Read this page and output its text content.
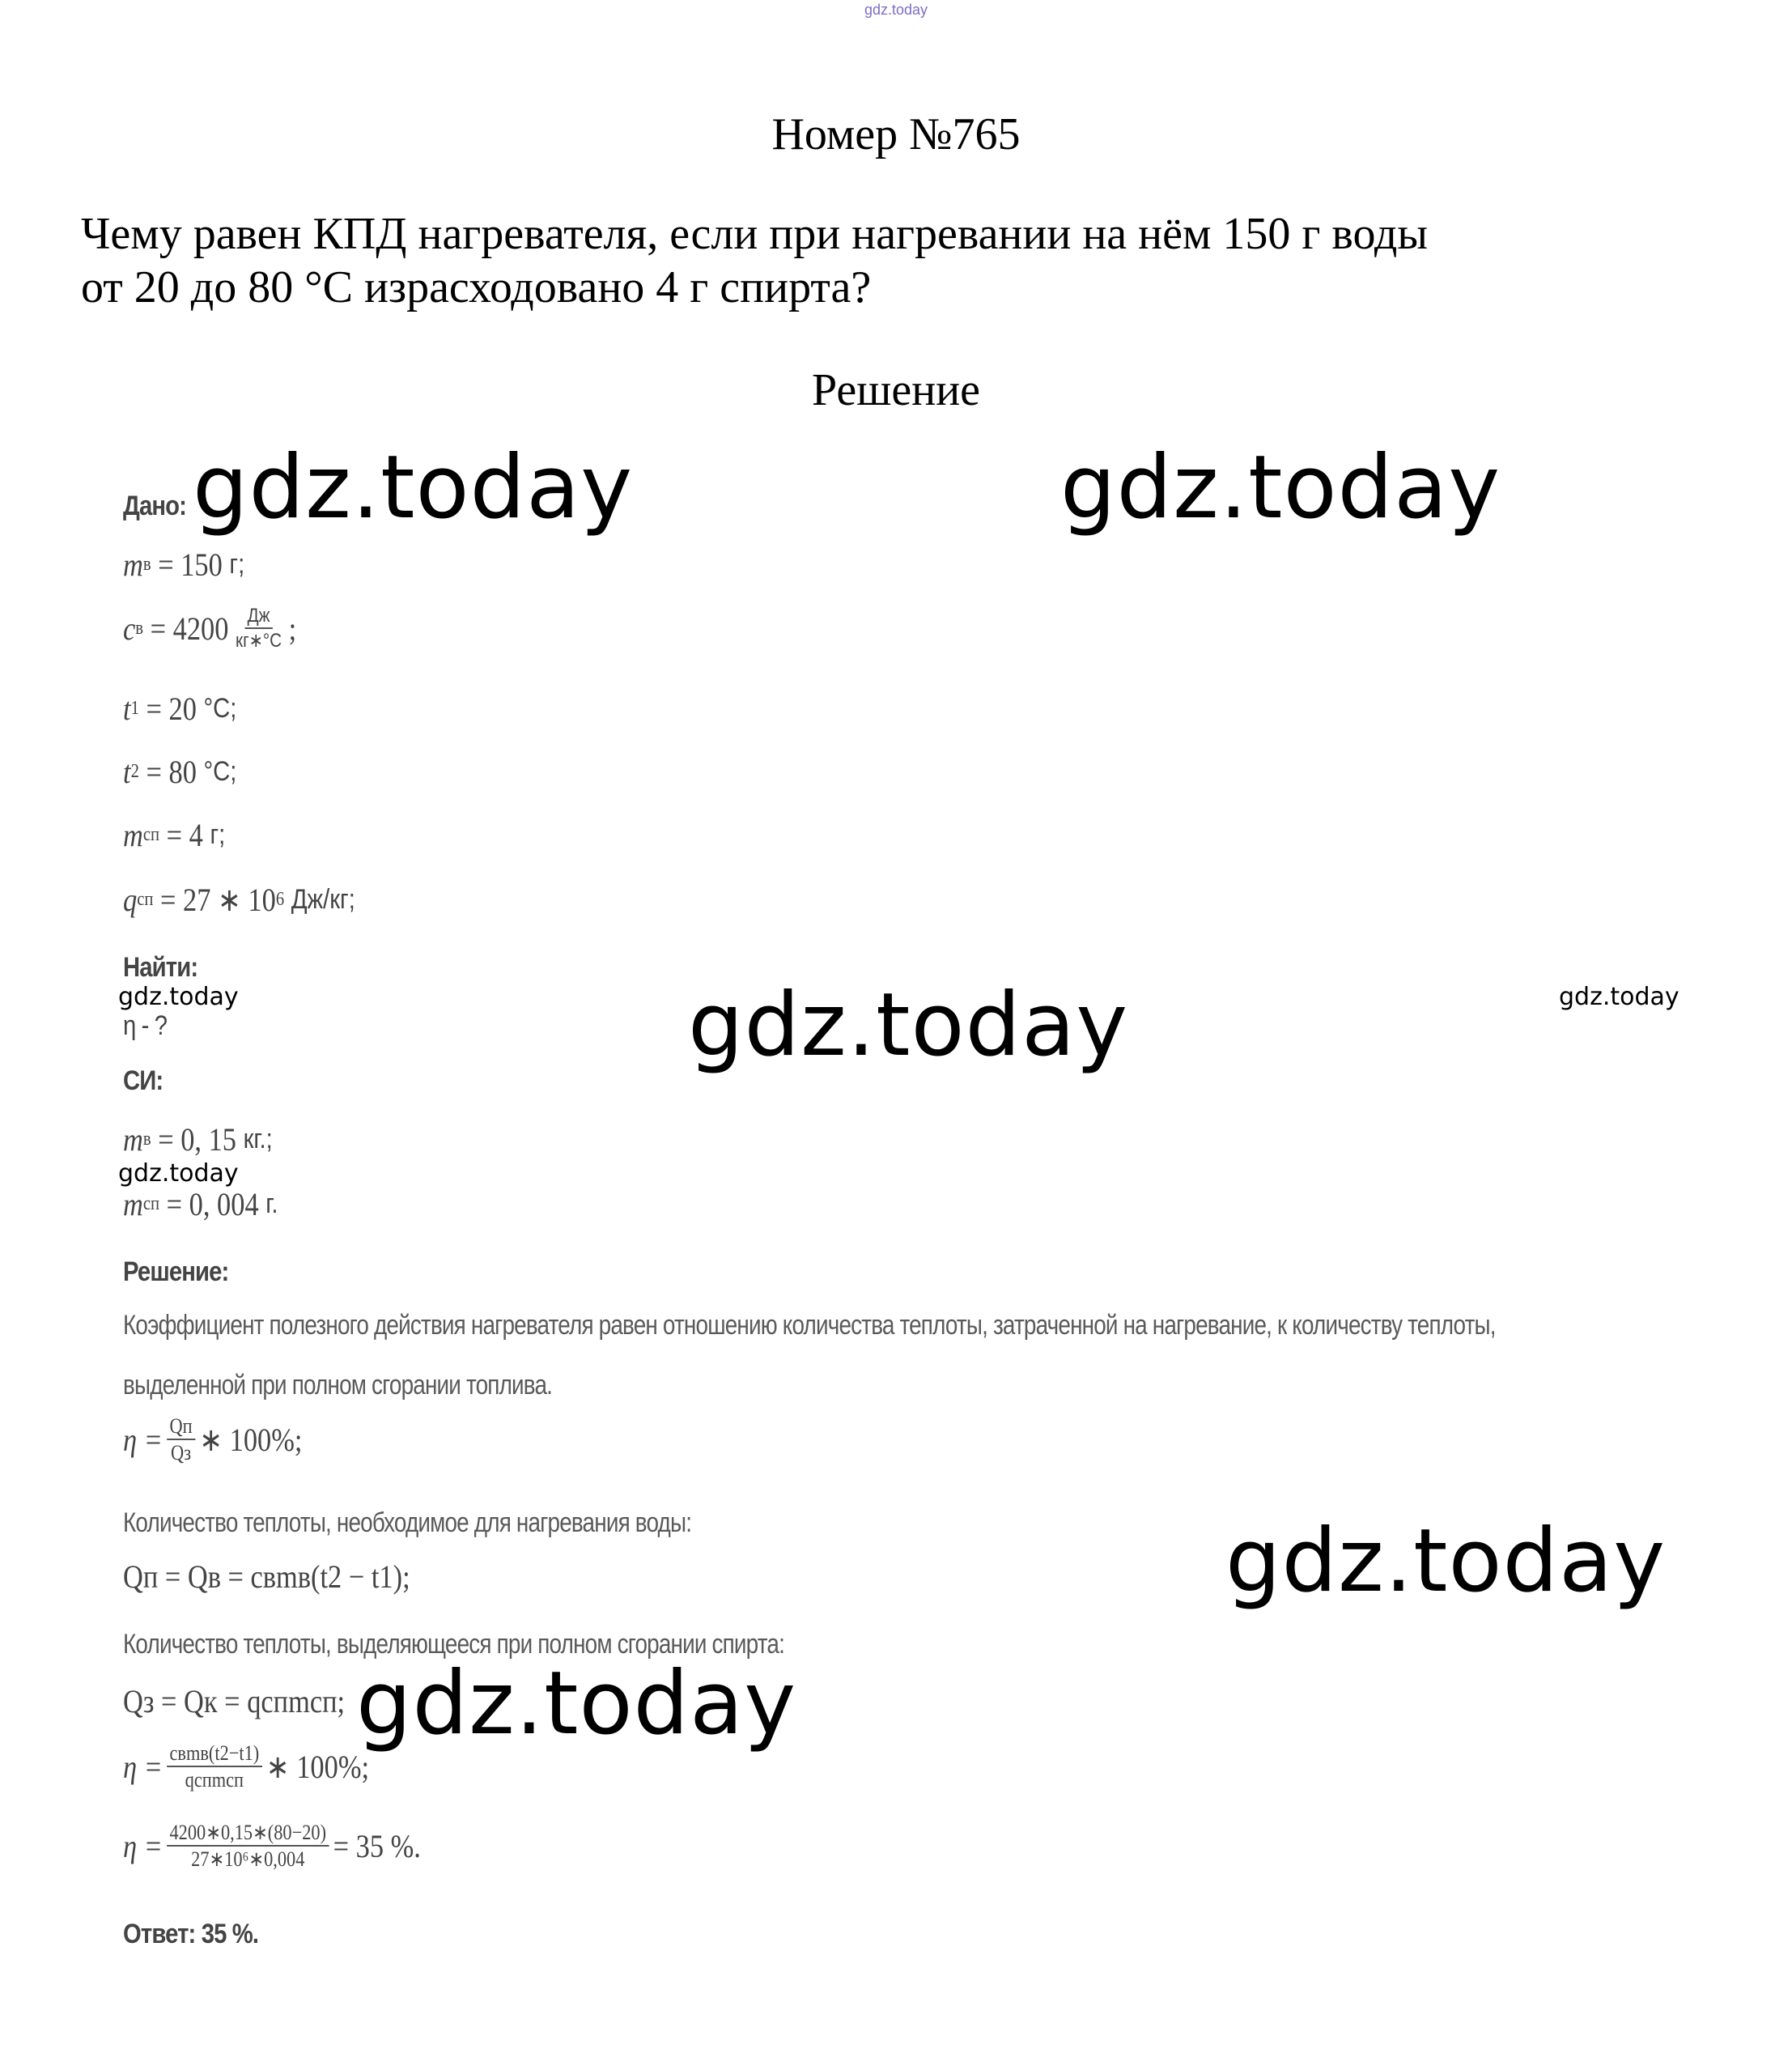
gdz.today
Номер №765
Чему равен КПД нагревателя, если при нагревании на нём 150 г воды
от 20 до 80 °С израсходовано 4 г спирта?
Решение
Дано:
m в
= 150
г;
c в
= $4200 \frac{Дж}{кг∗^\circ C}$ ;
t 1
= 20
°C;
t 2
= 80
°C;
m сп
= 4
г;
q сп
= 27 ∗ 10 6
Дж/кг;
Найти:
η - ?
СИ:
m в
= 0, 15
кг.;
m сп
= 0, 004
г.
Решение:
Коэффициент полезного действия нагревателя равен отношению количества теплоты, затраченной на нагревание, к количеству теплоты,
выделенной при полном сгорании топлива.
$\eta = \frac{Qп}{Qз}$ ∗ 100%;
Количество теплоты, необходимое для нагревания воды:
Qп = Qв = cвmв(t2 − t1);
Количество теплоты, выделяющееся при полном сгорании спирта:
Qз = Qк = qспmсп;
$\eta = \frac{\text{cвmв(t2−t1)}}{\text{qспmсп}}$ ∗ 100%;
$\eta = \frac{4200∗0,15∗(80-20)}{\text{27∗10⁶∗0,004}} = 35$ %.
Ответ: 35 %.
gdz.today	gdz.today
gdz.today
gdz.today
gdz.today
gdz.today	gdz.today
gdz.today
